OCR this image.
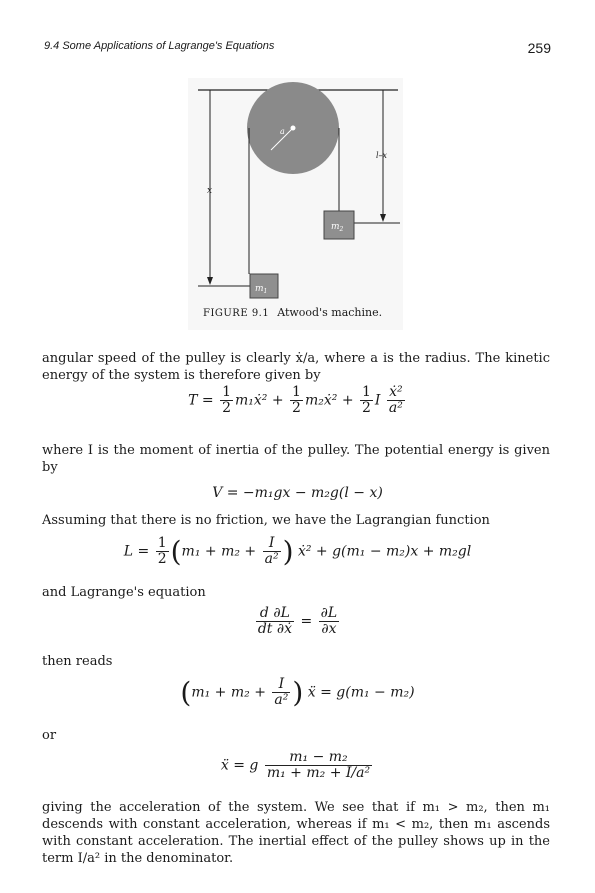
9.4 Some Applications of Lagrange's Equations	259
a
x
l–x
$m_2$
$m_1$
FIGURE 9.1 Atwood's machine.

angular speed of the pulley is clearly ẋ/a, where a is the radius. The kinetic energy of the system is therefore given by

$T = \frac{1}{2}$ m₁ẋ² + $\frac{1}{2}$ m₂ẋ² + $\frac{1}{2}$ I $\frac{\text{ẋ²}}{\text{a²}}$

where I is the moment of inertia of the pulley. The potential energy is given by

V = −m₁gx − m₂g(l − x)

Assuming that there is no friction, we have the Lagrangian function

$L = \frac{1}{2} (m_1 + m_2 + \frac{I}{\text{a²}}$ ) ẋ² + g(m₁ − m₂)x + m₂gl

and Lagrange's equation

$\frac{d \partial L}{\text{dt ∂ẋ}} = \frac{\partial L}{\partial x}$

then reads

($m_1 + m_2 + \frac{I}{\text{a²}}$ ) ẍ = g(m₁ − m₂)

or

ẍ = g $\frac{\text{m₁ − m₂}}{\text{m₁ + m₂ + I/a²}}$

giving the acceleration of the system. We see that if m₁ > m₂, then m₁ descends with constant acceleration, whereas if m₁ < m₂, then m₁ ascends with constant acceleration. The inertial effect of the pulley shows up in the term I/a² in the denominator.
